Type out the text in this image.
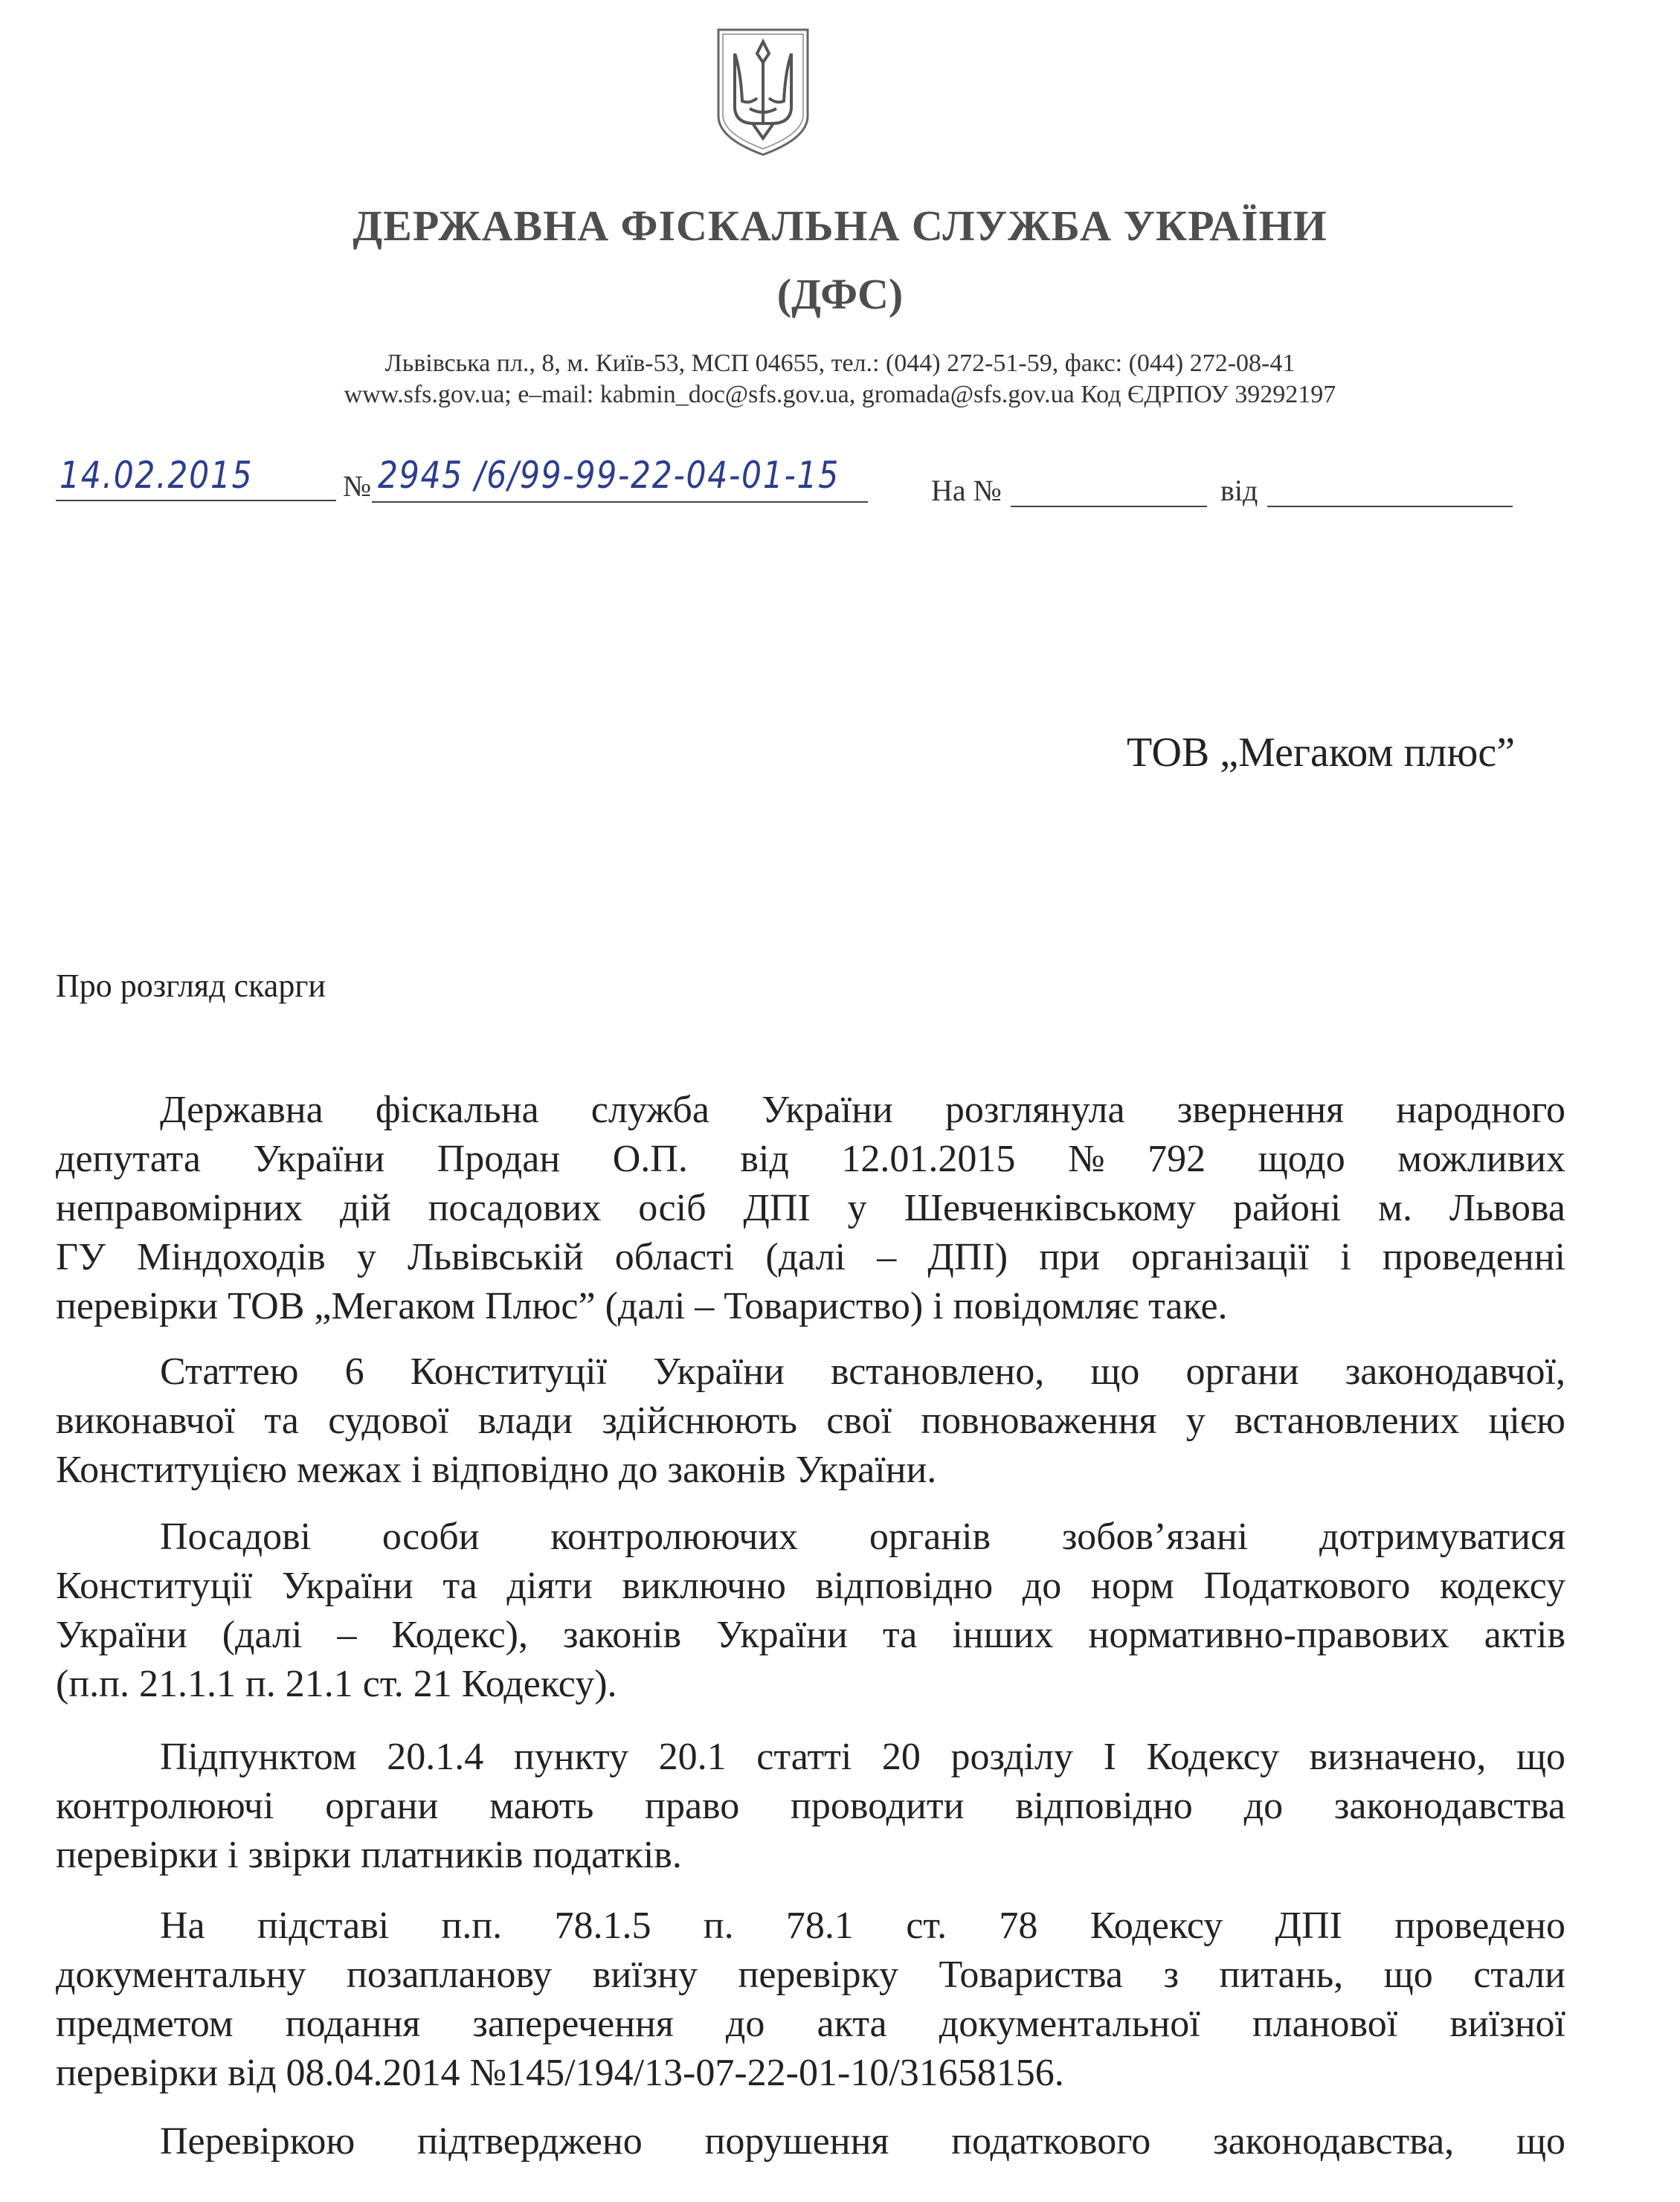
ДЕРЖАВНА ФІСКАЛЬНА СЛУЖБА УКРАЇНИ
(ДФС)
Львівська пл., 8, м. Київ-53, МСП 04655, тел.: (044) 272-51-59, факс: (044) 272-08-41
www.sfs.gov.ua; e–mail: kabmin_doc@sfs.gov.ua, gromada@sfs.gov.ua Код ЄДРПОУ 39292197
14.02.2015	№ 2945 /6/99-99-22-04-01-15	На №	від
ТОВ „Мегаком плюс”
Про розгляд скарги
Державна фіскальна служба України розглянула звернення народного
депутата України Продан О.П. від 12.01.2015 №792 щодо можливих
неправомірних дій посадових осіб ДПІ у Шевченківському районі м. Львова
ГУ Міндоходів у Львівській області (далі – ДПІ) при організації і проведенні
перевірки ТОВ „Мегаком Плюс” (далі – Товариство) і повідомляє таке.
Статтею 6 Конституції України встановлено, що органи законодавчої,
виконавчої та судової влади здійснюють свої повноваження у встановлених цією
Конституцією межах і відповідно до законів України.
Посадові особи контролюючих органів зобов’язані дотримуватися
Конституції України та діяти виключно відповідно до норм Податкового кодексу
України (далі – Кодекс), законів України та інших нормативно-правових актів
(п.п. 21.1.1 п. 21.1 ст. 21 Кодексу).
Підпунктом 20.1.4 пункту 20.1 статті 20 розділу І Кодексу визначено, що
контролюючі органи мають право проводити відповідно до законодавства
перевірки і звірки платників податків.
На підставі п.п. 78.1.5 п. 78.1 ст. 78 Кодексу ДПІ проведено
документальну позапланову виїзну перевірку Товариства з питань, що стали
предметом подання заперечення до акта документальної планової виїзної
перевірки від 08.04.2014 №145/194/13-07-22-01-10/31658156.
Перевіркою підтверджено порушення податкового законодавства, що
